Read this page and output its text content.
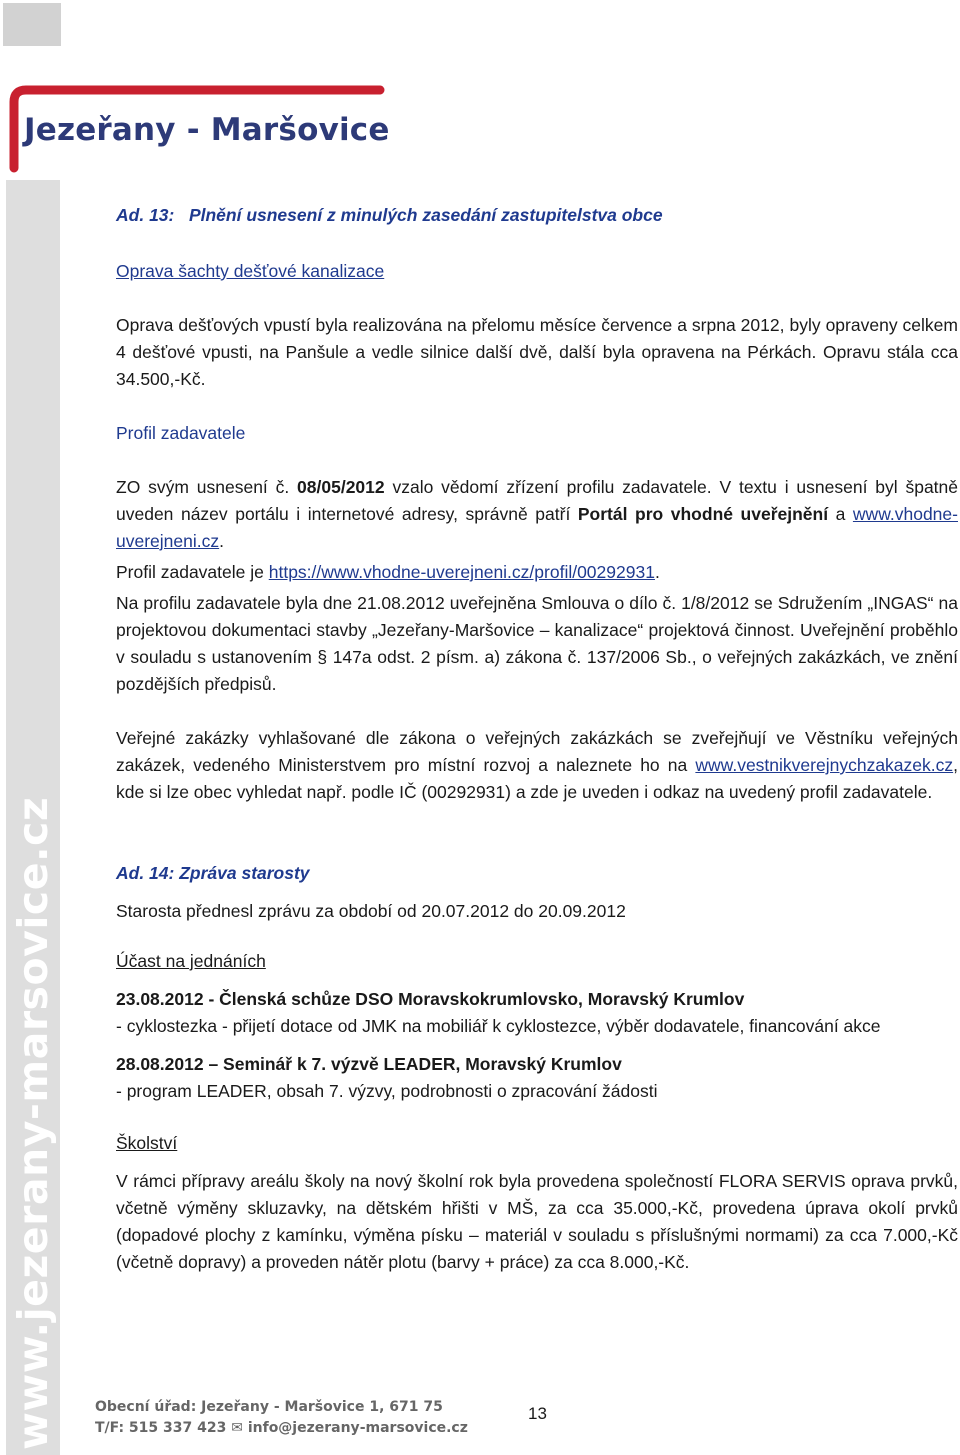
Jezeřany - Maršovice
www.jezerany-marsovice.cz

Ad. 13: Plnění usnesení z minulých zasedání zastupitelstva obce

Oprava šachty dešťové kanalizace

Oprava dešťových vpustí byla realizována na přelomu měsíce července a srpna 2012, byly opraveny celkem 4 dešťové vpusti, na Panšule a vedle silnice další dvě, další byla opravena na Pérkách. Opravu stála cca 34.500,-Kč.

Profil zadavatele

ZO svým usnesení č. 08/05/2012 vzalo vědomí zřízení profilu zadavatele. V textu i usnesení byl špatně uveden název portálu i internetové adresy, správně patří Portál pro vhodné uveřejnění a www.vhodne-uverejneni.cz.

Profil zadavatele je https://www.vhodne-uverejneni.cz/profil/00292931.

Na profilu zadavatele byla dne 21.08.2012 uveřejněna Smlouva o dílo č. 1/8/2012 se Sdružením „INGAS“ na projektovou dokumentaci stavby „Jezeřany-Maršovice – kanalizace“ projektová činnost. Uveřejnění proběhlo v souladu s ustanovením § 147a odst. 2 písm. a) zákona č. 137/2006 Sb., o veřejných zakázkách, ve znění pozdějších předpisů.

Veřejné zakázky vyhlašované dle zákona o veřejných zakázkách se zveřejňují ve Věstníku veřejných zakázek, vedeného Ministerstvem pro místní rozvoj a naleznete ho na www.vestnikverejnychzakazek.cz, kde si lze obec vyhledat např. podle IČ (00292931) a zde je uveden i odkaz na uvedený profil zadavatele.

Ad. 14: Zpráva starosty

Starosta přednesl zprávu za období od 20.07.2012 do 20.09.2012

Účast na jednáních

23.08.2012 - Členská schůze DSO Moravskokrumlovsko, Moravský Krumlov

- cyklostezka - přijetí dotace od JMK na mobiliář k cyklostezce, výběr dodavatele, financování akce

28.08.2012 – Seminář k 7. výzvě LEADER, Moravský Krumlov

- program LEADER, obsah 7. výzvy, podrobnosti o zpracování žádosti

Školství

V rámci přípravy areálu školy na nový školní rok byla provedena společností FLORA SERVIS oprava prvků, včetně výměny skluzavky, na dětském hřišti v MŠ, za cca 35.000,-Kč, provedena úprava okolí prvků (dopadové plochy z kamínku, výměna písku – materiál v souladu s příslušnými normami) za cca 7.000,-Kč (včetně dopravy) a proveden nátěr plotu (barvy + práce) za cca 8.000,-Kč.

Obecní úřad: Jezeřany - Maršovice 1, 671 75
T/F: 515 337 423 ✉ info@jezerany-marsovice.cz
13
